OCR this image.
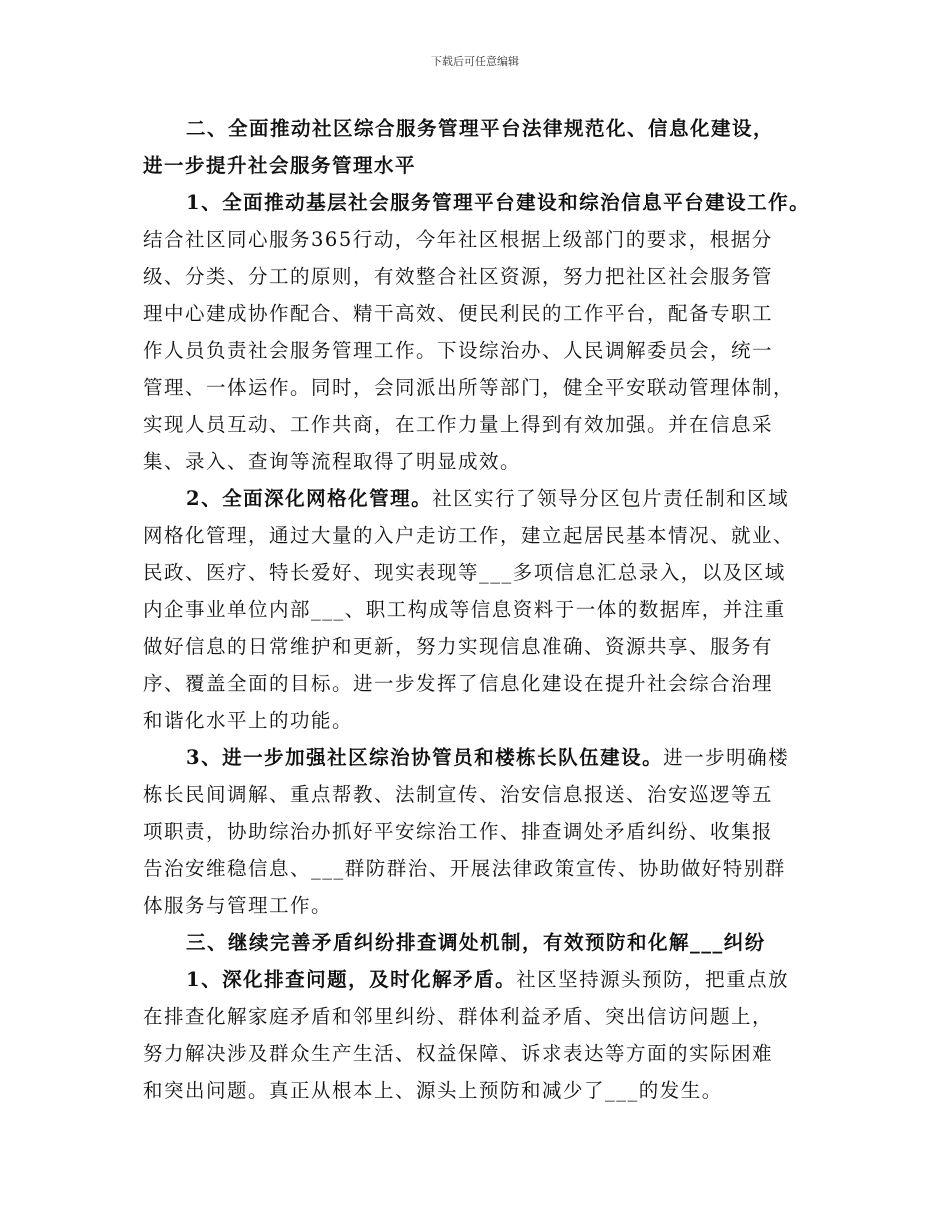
下载后可任意编辑

二、全面推动社区综合服务管理平台法律规范化、信息化建设，
进一步提升社会服务管理水平

1、全面推动基层社会服务管理平台建设和综治信息平台建设工作。
结合社区同心服务365行动，今年社区根据上级部门的要求，根据分
级、分类、分工的原则，有效整合社区资源，努力把社区社会服务管
理中心建成协作配合、精干高效、便民利民的工作平台，配备专职工
作人员负责社会服务管理工作。下设综治办、人民调解委员会，统一
管理、一体运作。同时，会同派出所等部门，健全平安联动管理体制，
实现人员互动、工作共商，在工作力量上得到有效加强。并在信息采
集、录入、查询等流程取得了明显成效。

2、全面深化网格化管理。社区实行了领导分区包片责任制和区域
网格化管理，通过大量的入户走访工作，建立起居民基本情况、就业、
民政、医疗、特长爱好、现实表现等___多项信息汇总录入，以及区域
内企事业单位内部___、职工构成等信息资料于一体的数据库，并注重
做好信息的日常维护和更新，努力实现信息准确、资源共享、服务有
序、覆盖全面的目标。进一步发挥了信息化建设在提升社会综合治理
和谐化水平上的功能。

3、进一步加强社区综治协管员和楼栋长队伍建设。进一步明确楼
栋长民间调解、重点帮教、法制宣传、治安信息报送、治安巡逻等五
项职责，协助综治办抓好平安综治工作、排查调处矛盾纠纷、收集报
告治安维稳信息、___群防群治、开展法律政策宣传、协助做好特别群
体服务与管理工作。

三、继续完善矛盾纠纷排查调处机制，有效预防和化解___纠纷

1、深化排查问题，及时化解矛盾。社区坚持源头预防，把重点放
在排查化解家庭矛盾和邻里纠纷、群体利益矛盾、突出信访问题上，
努力解决涉及群众生产生活、权益保障、诉求表达等方面的实际困难
和突出问题。真正从根本上、源头上预防和减少了___的发生。
